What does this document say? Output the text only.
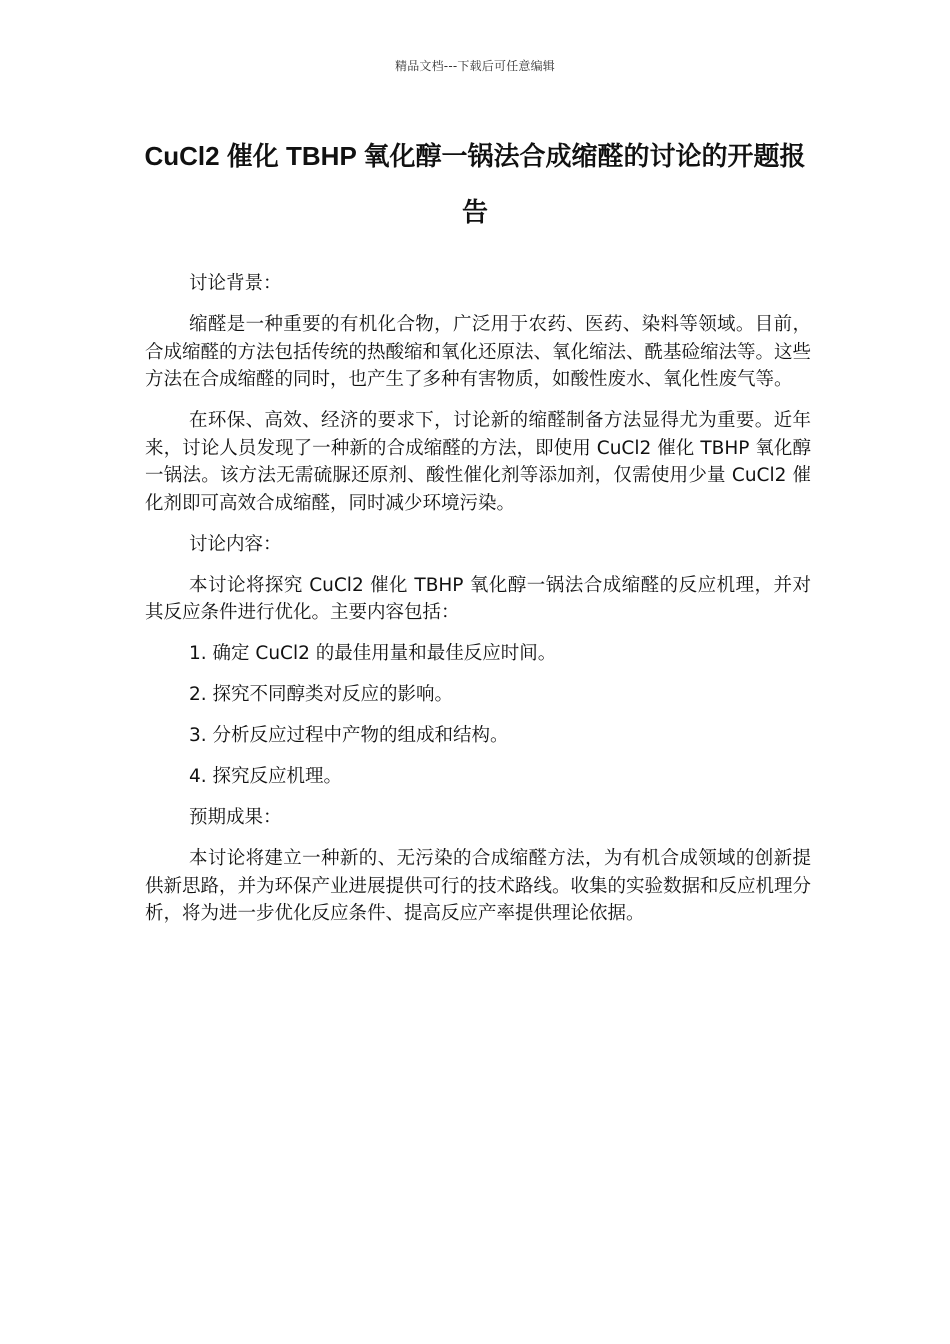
精品文档---下载后可任意编辑
CuCl2 催化 TBHP 氧化醇一锅法合成缩醛的讨论的开题报告

讨论背景：

缩醛是一种重要的有机化合物，广泛用于农药、医药、染料等领域。目前，合成缩醛的方法包括传统的热酸缩和氧化还原法、氧化缩法、酰基硷缩法等。这些方法在合成缩醛的同时，也产生了多种有害物质，如酸性废水、氧化性废气等。

在环保、高效、经济的要求下，讨论新的缩醛制备方法显得尤为重要。近年来，讨论人员发现了一种新的合成缩醛的方法，即使用 CuCl2 催化 TBHP 氧化醇一锅法。该方法无需硫脲还原剂、酸性催化剂等添加剂，仅需使用少量 CuCl2 催化剂即可高效合成缩醛，同时减少环境污染。

讨论内容：

本讨论将探究 CuCl2 催化 TBHP 氧化醇一锅法合成缩醛的反应机理，并对其反应条件进行优化。主要内容包括：

1. 确定 CuCl2 的最佳用量和最佳反应时间。

2. 探究不同醇类对反应的影响。

3. 分析反应过程中产物的组成和结构。

4. 探究反应机理。

预期成果：

本讨论将建立一种新的、无污染的合成缩醛方法，为有机合成领域的创新提供新思路，并为环保产业进展提供可行的技术路线。收集的实验数据和反应机理分析，将为进一步优化反应条件、提高反应产率提供理论依据。
